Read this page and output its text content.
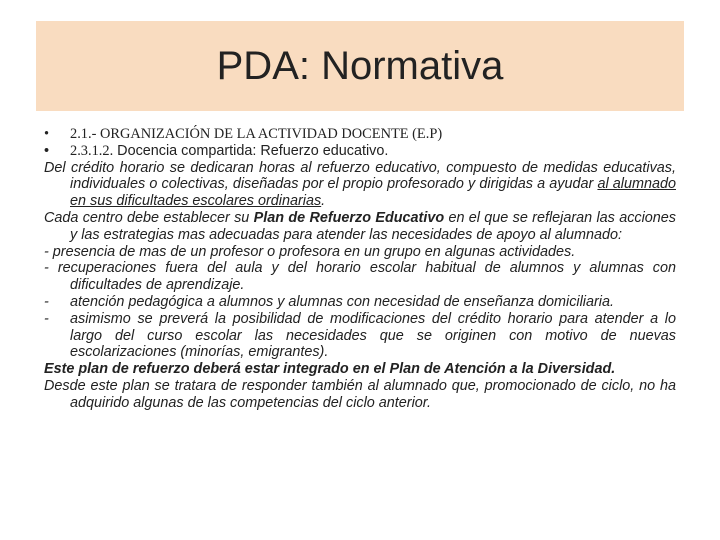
PDA: Normativa

• 2.1.- ORGANIZACIÓN DE LA ACTIVIDAD DOCENTE (E.P)

• 2.3.1.2. Docencia compartida: Refuerzo educativo.

Del crédito horario se dedicaran horas al refuerzo educativo, compuesto de medidas educativas, individuales o colectivas, diseñadas por el propio profesorado y dirigidas a ayudar al alumnado en sus dificultades escolares ordinarias.

Cada centro debe establecer su Plan de Refuerzo Educativo en el que se reflejaran las acciones y las estrategias mas adecuadas para atender las necesidades de apoyo al alumnado:

- presencia de mas de un profesor o profesora en un grupo en algunas actividades.

- recuperaciones fuera del aula y del horario escolar habitual de alumnos y alumnas con dificultades de aprendizaje.

- atención pedagógica a alumnos y alumnas con necesidad de enseñanza domiciliaria.

- asimismo se preverá la posibilidad de modificaciones del crédito horario para atender a lo largo del curso escolar las necesidades que se originen con motivo de nuevas escolarizaciones (minorías, emigrantes).

Este plan de refuerzo deberá estar integrado en el Plan de Atención a la Diversidad.

Desde este plan se tratara de responder también al alumnado que, promocionado de ciclo, no ha adquirido algunas de las competencias del ciclo anterior.
